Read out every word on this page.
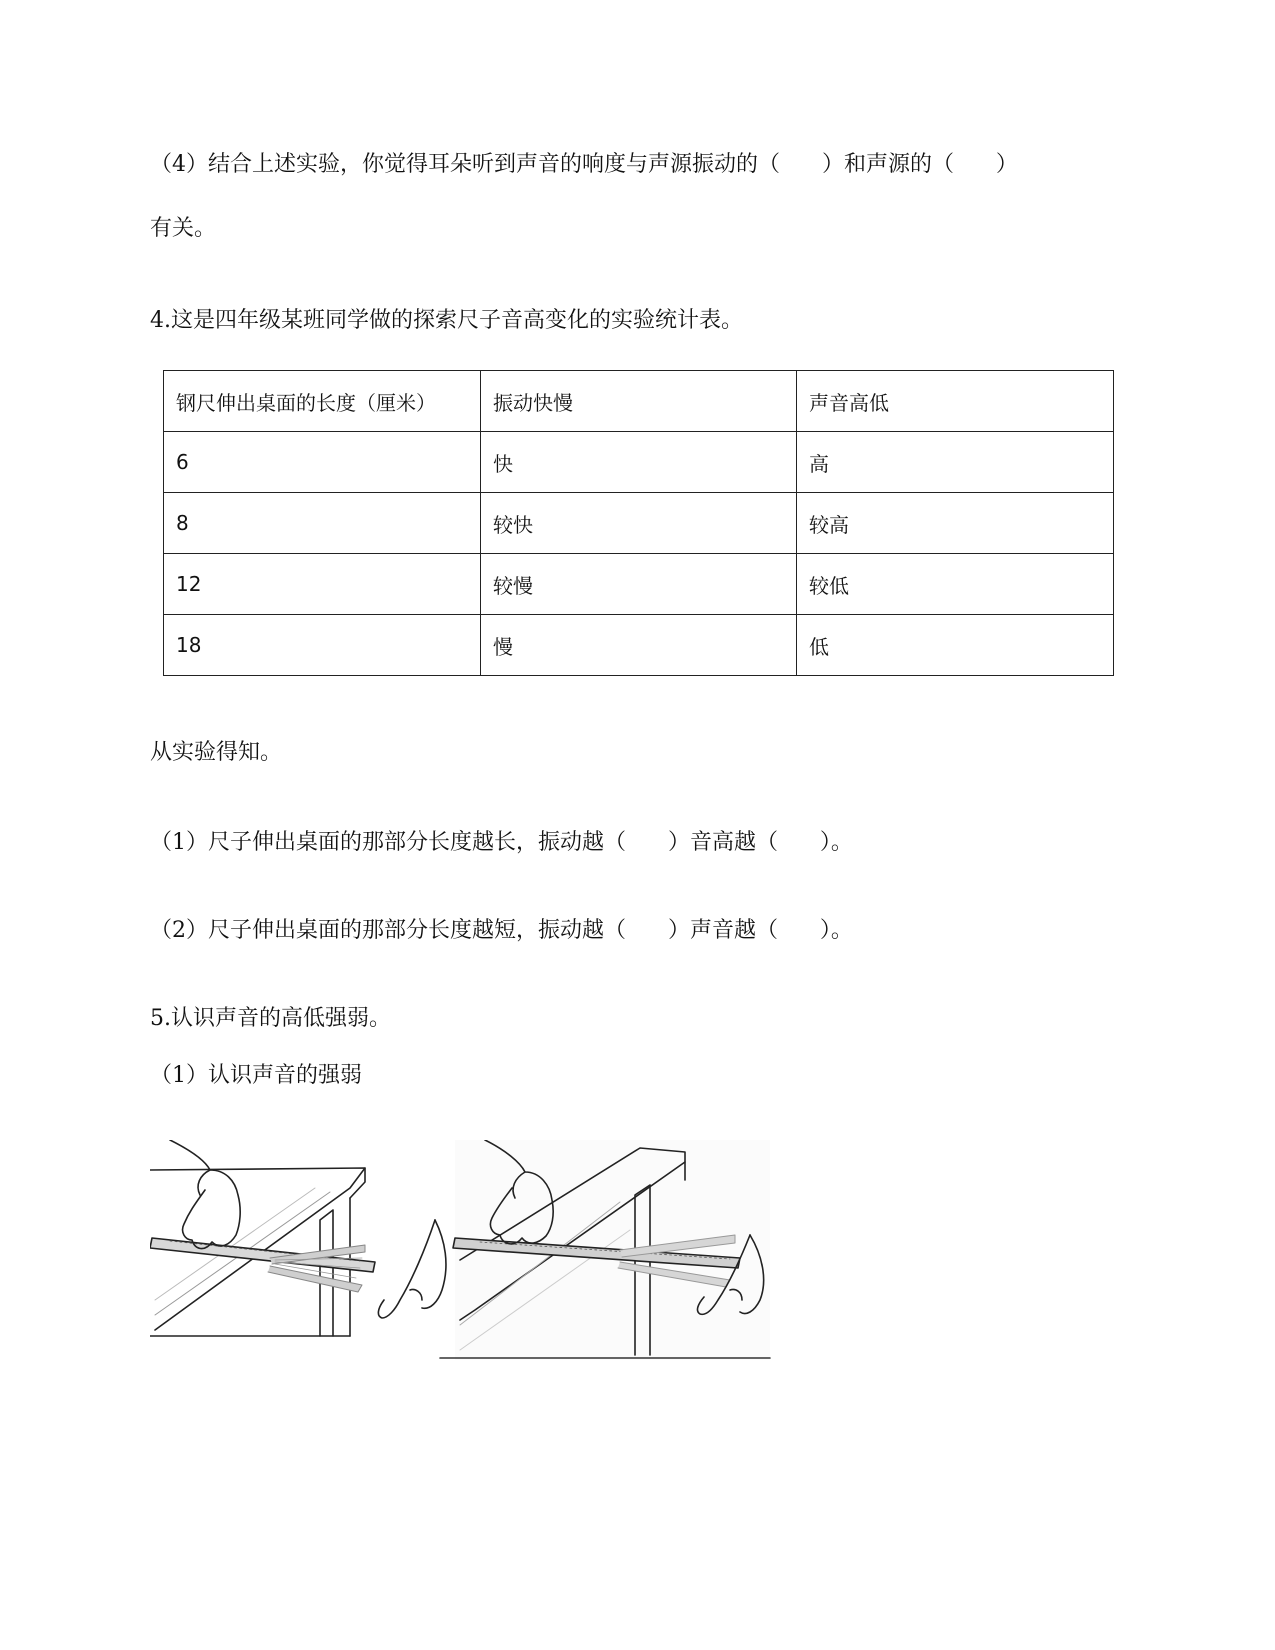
（4）结合上述实验，你觉得耳朵听到声音的响度与声源振动的（      ）和声源的（      ）
有关。
4.这是四年级某班同学做的探索尺子音高变化的实验统计表。
钢尺伸出桌面的长度（厘米）	振动快慢	声音高低
6	快	高
8	较快	较高
12	较慢	较低
18	慢	低
从实验得知。
（1）尺子伸出桌面的那部分长度越长，振动越（      ）音高越（      ）。
（2）尺子伸出桌面的那部分长度越短，振动越（      ）声音越（      ）。
5.认识声音的高低强弱。
（1）认识声音的强弱
